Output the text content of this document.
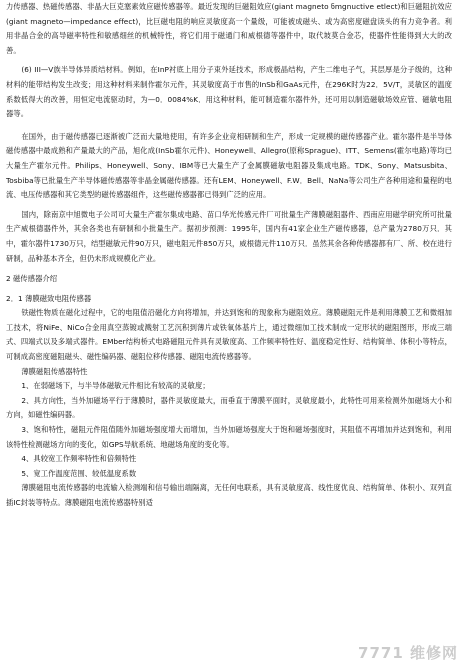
力传感器、热磁传感器、非晶大巨克塞素效应磁传感器等。最近发现的巨磁阻效应(giant magneto ნmgnuctive etlect)和巨磁阻抗效应(giant magneto—impedance effect)，比巨磁电阻的响应灵敏度高一个量级，可能被成磁头、或为高密度磁盘读头的有力竞争者。利用非晶合金的高导磁率特性和敏感细丝的机械特性，将它们用于磁通门和威根德等器件中，取代坡莫合金芯，使器件性能得到大大的改善。

(6) III—V族半导体异质结材料。例如，在InP衬底上用分子束外延技术，形成极晶结构，产生二维电子气，其层厚是分子级的，这种材料的能带结构发生改变；用这种材料来制作霍尔元件，其灵敏度高于市售的InSb和GaAs元件，在296K时为22．5V/T，灵敏区的温度系数低得大的改善，用恒定电流驱动时，为—0．0084%K．用这种材料，能可制造霍尔器件外，还可用以制造磁敏场效应管、磁敏电阻器等。

在国外，由于磁传感器已逐渐被广泛而大量地使用，有许多企业竞相研制和生产，形成一定规模的磁传感器产业。霍尔器件是半导体磁传感器中最成熟和产量最大的产品，旭化成(InSb霍尔元件)、Honeywell、Allegro(原称Sprague)、ITT、Semens(霍尔电路)等均已大量生产霍尔元件。Philips、Honeywell、Sony、IBM等已大量生产了金属膜磁敏电阻器及集成电路。TDK、Sony、Matsusbita、Tosbiba等已批量生产半导体磁传感器等非晶金属磁传感器。还有LEM、Honeywell、F.W．Bell、NaNa等公司生产各种用途和量程的电流、电压传感器和其它类型的磁传感器组件，这些磁传感器都已得到广泛的应用。

国内，除南京中旭微电子公司可大量生产霍尔集成电路、苗口华光传感元件厂可批量生产薄膜磁阻器件、西南应用磁学研究所可批量生产威根德器件外，其余各类也有研制和小批量生产。据初步预测：1995年，国内有41家企业生产磁传感器，总产量为2780万只．其中，霍尔器件1730万只，结型磁敏元件90万只，磁电阻元件850万只，威根德元件110万只．虽然其余各种传感器都有厂、所、校在进行研制，品种基本齐全，但仍未形成规模化产业。

2 磁传感器介绍

2．1 薄膜磁致电阻传感器

铁磁性物质在磁化过程中，它的电阻值沿磁化方向将增加，并达到饱和的现象称为磁阻效应。薄膜磁阻元件是利用薄膜工艺和微细加工技术，将NiFe、NiCo合金用真空蒸镀或溅射工艺沉积到薄片或铁氧体基片上，通过微细加工技术制成一定形状的磁阻图形，形成三端式、四端式以及多端式器件。EMber结构桥式电路磁阻元件具有灵敏度高、工作频率特性好、温度稳定性好、结构简单、体积小等特点，可制成高密度磁阻磁头、磁性编码器、磁阻位移传感器、磁阻电流传感器等。

薄膜磁阻传感器特性

1、在弱磁场下，与半导体磁敏元件相比有较高的灵敏度；

2、具方向性，当外加磁场平行于薄膜时，器件灵敏度最大，而垂直于薄膜平面时，灵敏度最小，此特性可用来检测外加磁场大小和方向，如磁性编码器。

3、饱和特性，磁阻元件阻值随外加磁场强度增大而增加，当外加磁场强度大于饱和磁场强度时，其阻值不再增加并达到饱和，利用该特性检测磁场方向的变化，如GPS导航系统、地磁场角度的变化等。

4、具较宽工作频率特性和倍频特性

5、宽工作温度范围、较低温度系数

薄膜磁阻电流传感器的电流输入检测端和信号输出端隔离，无任何电联系，具有灵敏度高、线性度优良、结构简单、体积小、双列直插IC封装等特点。薄膜磁阻电流传感器特别适

7771 维修网
